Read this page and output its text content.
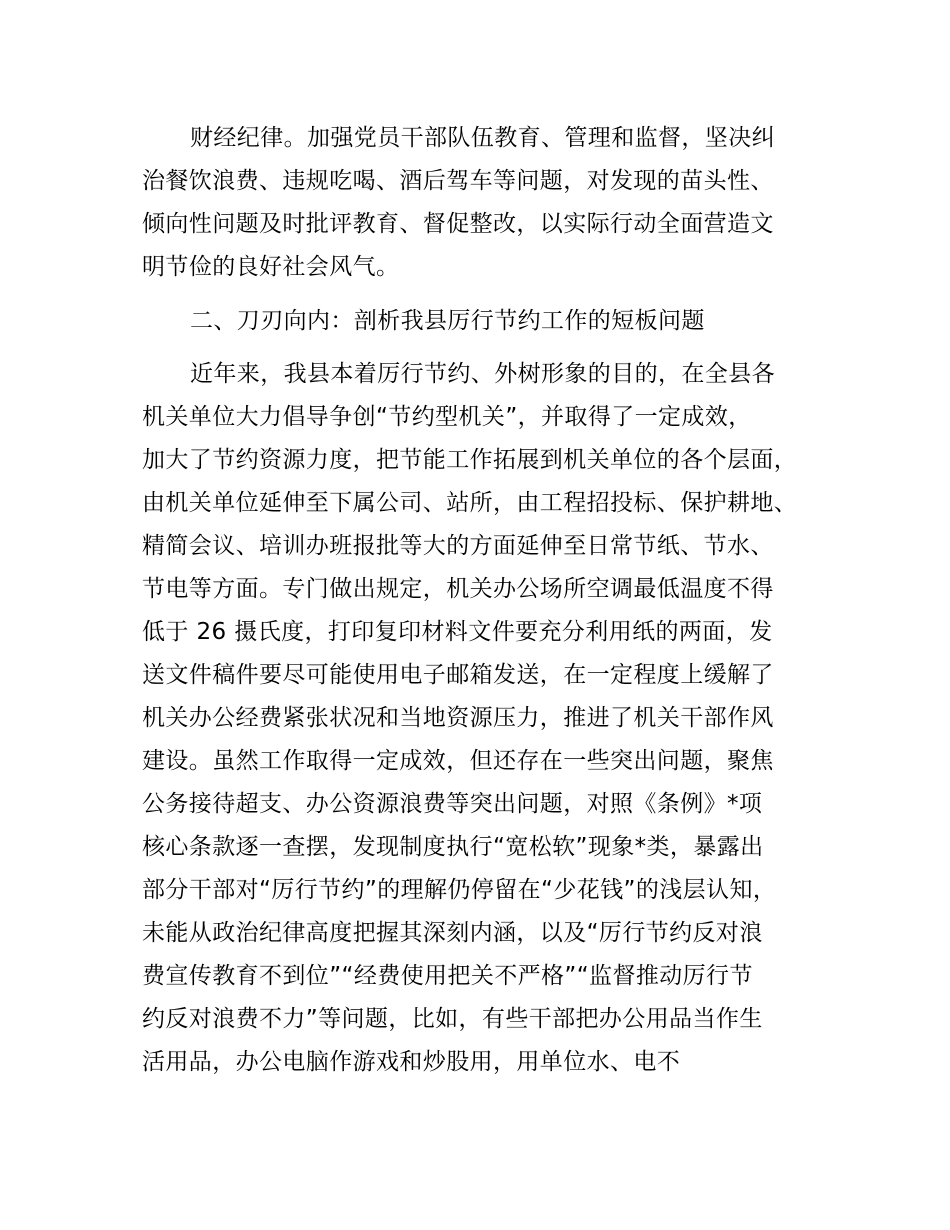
财经纪律。加强党员干部队伍教育、管理和监督，坚决纠

治餐饮浪费、违规吃喝、酒后驾车等问题，对发现的苗头性、

倾向性问题及时批评教育、督促整改，以实际行动全面营造文

明节俭的良好社会风气。

二、刀刃向内：剖析我县厉行节约工作的短板问题

近年来，我县本着厉行节约、外树形象的目的，在全县各

机关单位大力倡导争创“节约型机关”，并取得了一定成效，

加大了节约资源力度，把节能工作拓展到机关单位的各个层面，

由机关单位延伸至下属公司、站所，由工程招投标、保护耕地、

精简会议、培训办班报批等大的方面延伸至日常节纸、节水、

节电等方面。专门做出规定，机关办公场所空调最低温度不得

低于 26 摄氏度，打印复印材料文件要充分利用纸的两面，发

送文件稿件要尽可能使用电子邮箱发送，在一定程度上缓解了

机关办公经费紧张状况和当地资源压力，推进了机关干部作风

建设。虽然工作取得一定成效，但还存在一些突出问题，聚焦

公务接待超支、办公资源浪费等突出问题，对照《条例》*项

核心条款逐一查摆，发现制度执行“宽松软”现象*类，暴露出

部分干部对“厉行节约”的理解仍停留在“少花钱”的浅层认知，

未能从政治纪律高度把握其深刻内涵，以及“厉行节约反对浪

费宣传教育不到位”“经费使用把关不严格”“监督推动厉行节

约反对浪费不力”等问题，比如，有些干部把办公用品当作生

活用品，办公电脑作游戏和炒股用，用单位水、电不
